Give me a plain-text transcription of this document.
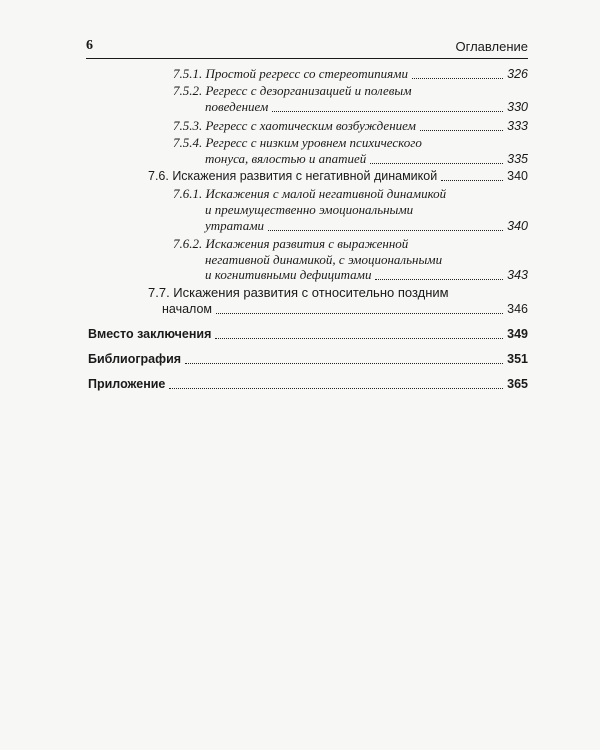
6	Оглавление
7.5.1. Простой регресс со стереотипиями	326
7.5.2. Регресс с дезорганизацией и полевым
поведением	330
7.5.3. Регресс с хаотическим возбуждением	333
7.5.4. Регресс с низким уровнем психического
тонуса, вялостью и апатией	335
7.6. Искажения развития с негативной динамикой	340
7.6.1. Искажения с малой негативной динамикой
и преимущественно эмоциональными
утратами	340
7.6.2. Искажения развития с выраженной
негативной динамикой, с эмоциональными
и когнитивными дефицитами	343
7.7. Искажения развития с относительно поздним
началом	346
Вместо заключения	349
Библиография	351
Приложение	365
